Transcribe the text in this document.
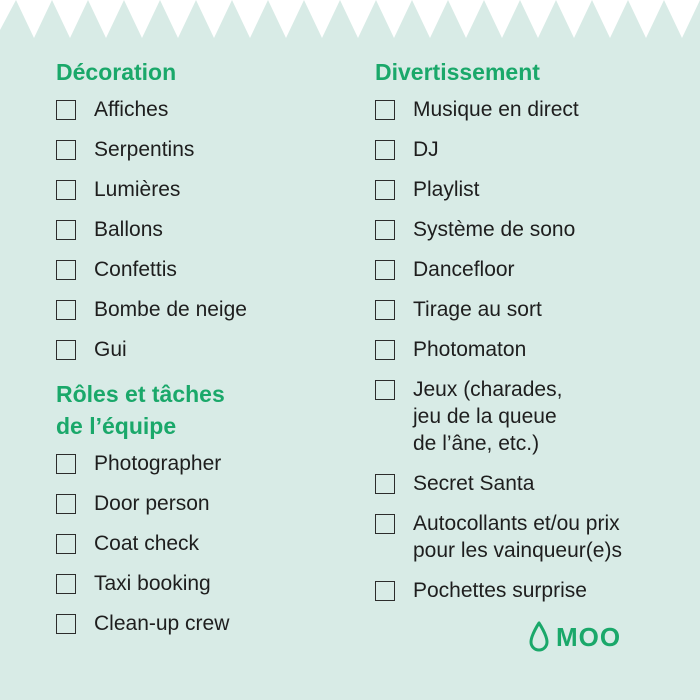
Décoration
Affiches
Serpentins
Lumières
Ballons
Confettis
Bombe de neige
Gui
Rôles et tâches
de l’équipe
Photographer
Door person
Coat check
Taxi booking
Clean-up crew
Divertissement
Musique en direct
DJ
Playlist
Système de sono
Dancefloor
Tirage au sort
Photomaton
Jeux (charades,
jeu de la queue
de l’âne, etc.)
Secret Santa
Autocollants et/ou prix
pour les vainqueur(e)s
Pochettes surprise
MOO
